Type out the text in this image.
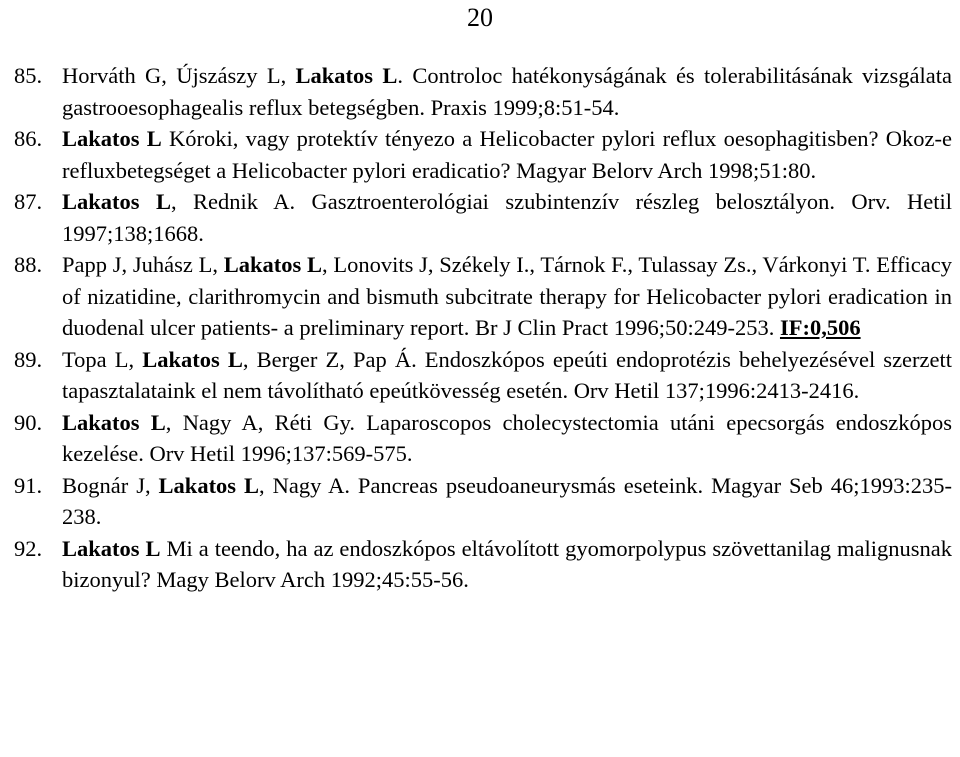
20
85. Horváth G, Újszászy L, Lakatos L. Controloc hatékonyságának és tolerabilitásának vizsgálata gastrooesophagealis reflux betegségben. Praxis 1999;8:51-54.
86. Lakatos L Kóroki, vagy protektív tényezo a Helicobacter pylori reflux oesophagitisben? Okoz-e refluxbetegséget a Helicobacter pylori eradicatio? Magyar Belorv Arch 1998;51:80.
87. Lakatos L, Rednik A. Gasztroenterológiai szubintenzív részleg belosztályon. Orv. Hetil 1997;138;1668.
88. Papp J, Juhász L, Lakatos L, Lonovits J, Székely I., Tárnok F., Tulassay Zs., Várkonyi T. Efficacy of nizatidine, clarithromycin and bismuth subcitrate therapy for Helicobacter pylori eradication in duodenal ulcer patients- a preliminary report. Br J Clin Pract 1996;50:249-253. IF:0,506
89. Topa L, Lakatos L, Berger Z, Pap Á. Endoszkópos epeúti endoprotézis behelyezésével szerzett tapasztalataink el nem távolítható epeútkövesség esetén. Orv Hetil 137;1996:2413-2416.
90. Lakatos L, Nagy A, Réti Gy. Laparoscopos cholecystectomia utáni epecsorgás endoszkópos kezelése. Orv Hetil 1996;137:569-575.
91. Bognár J, Lakatos L, Nagy A. Pancreas pseudoaneurysmás eseteink. Magyar Seb 46;1993:235-238.
92. Lakatos L Mi a teendo, ha az endoszkópos eltávolított gyomorpolypus szövettanilag malignusnak bizonyul? Magy Belorv Arch 1992;45:55-56.
